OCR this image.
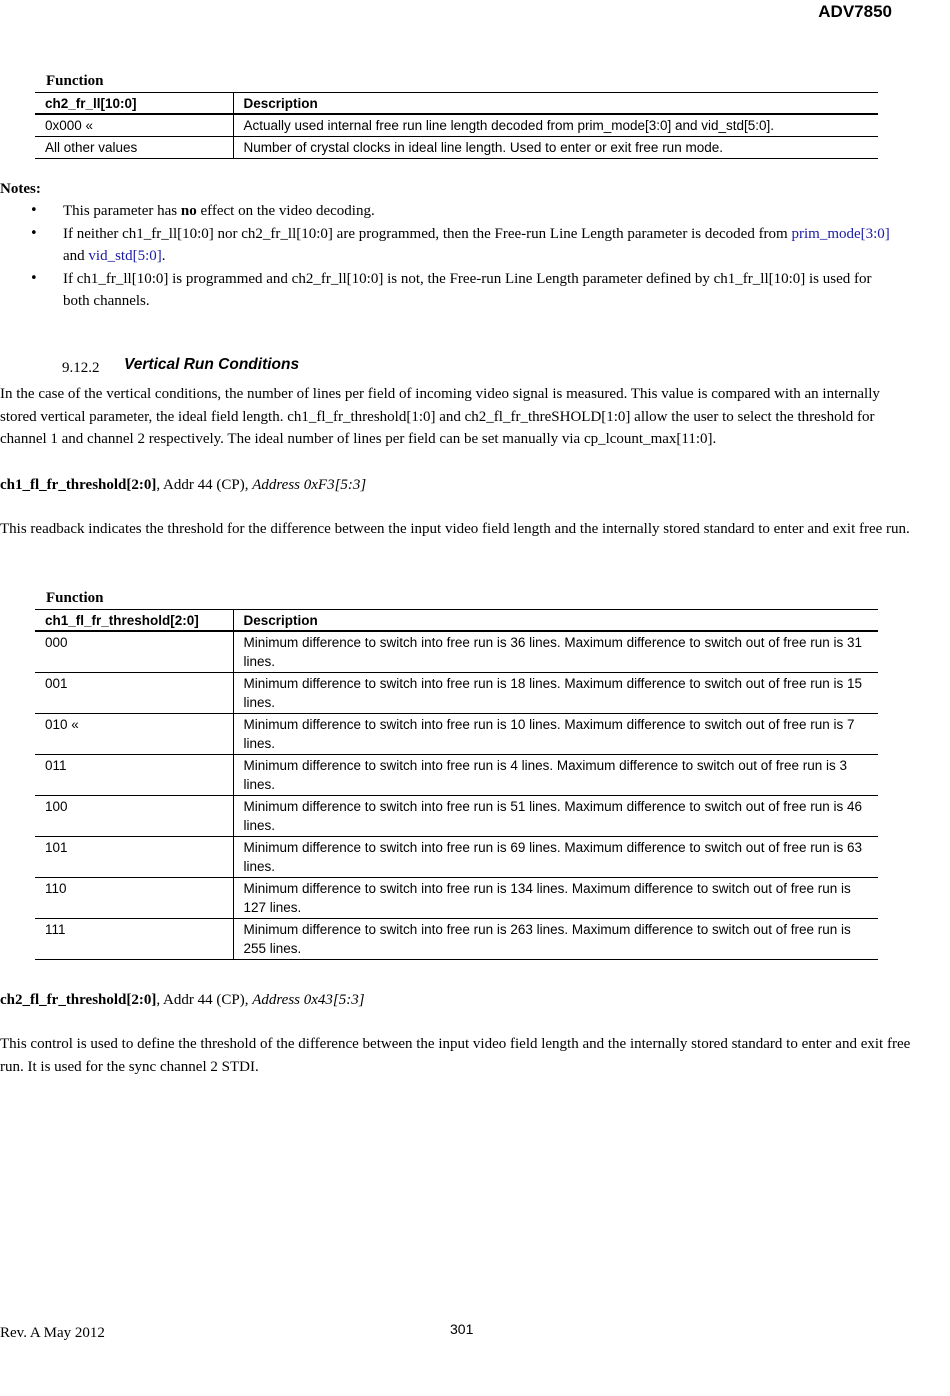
ADV7850
Function
ch2_fr_ll[10:0]	Description
0x000 «	Actually used internal free run line length decoded from prim_mode[3:0] and vid_std[5:0].
All other values	Number of crystal clocks in ideal line length. Used to enter or exit free run mode.
Notes:
• This parameter has no effect on the video decoding.
• If neither ch1_fr_ll[10:0] nor ch2_fr_ll[10:0] are programmed, then the Free-run Line Length parameter is decoded from prim_mode[3:0] and vid_std[5:0].
• If ch1_fr_ll[10:0] is programmed and ch2_fr_ll[10:0] is not, the Free-run Line Length parameter defined by ch1_fr_ll[10:0] is used for both channels.
9.12.2 Vertical Run Conditions
In the case of the vertical conditions, the number of lines per field of incoming video signal is measured. This value is compared with an internally stored vertical parameter, the ideal field length. ch1_fl_fr_threshold[1:0] and ch2_fl_fr_threSHOLD[1:0] allow the user to select the threshold for channel 1 and channel 2 respectively. The ideal number of lines per field can be set manually via cp_lcount_max[11:0].
ch1_fl_fr_threshold[2:0], Addr 44 (CP), Address 0xF3[5:3]
This readback indicates the threshold for the difference between the input video field length and the internally stored standard to enter and exit free run.
Function
ch1_fl_fr_threshold[2:0]	Description
000	Minimum difference to switch into free run is 36 lines. Maximum difference to switch out of free run is 31 lines.
001	Minimum difference to switch into free run is 18 lines. Maximum difference to switch out of free run is 15 lines.
010 «	Minimum difference to switch into free run is 10 lines. Maximum difference to switch out of free run is 7 lines.
011	Minimum difference to switch into free run is 4 lines. Maximum difference to switch out of free run is 3 lines.
100	Minimum difference to switch into free run is 51 lines. Maximum difference to switch out of free run is 46 lines.
101	Minimum difference to switch into free run is 69 lines. Maximum difference to switch out of free run is 63 lines.
110	Minimum difference to switch into free run is 134 lines. Maximum difference to switch out of free run is 127 lines.
111	Minimum difference to switch into free run is 263 lines. Maximum difference to switch out of free run is 255 lines.
ch2_fl_fr_threshold[2:0], Addr 44 (CP), Address 0x43[5:3]
This control is used to define the threshold of the difference between the input video field length and the internally stored standard to enter and exit free run. It is used for the sync channel 2 STDI.
Rev. A May 2012	301
